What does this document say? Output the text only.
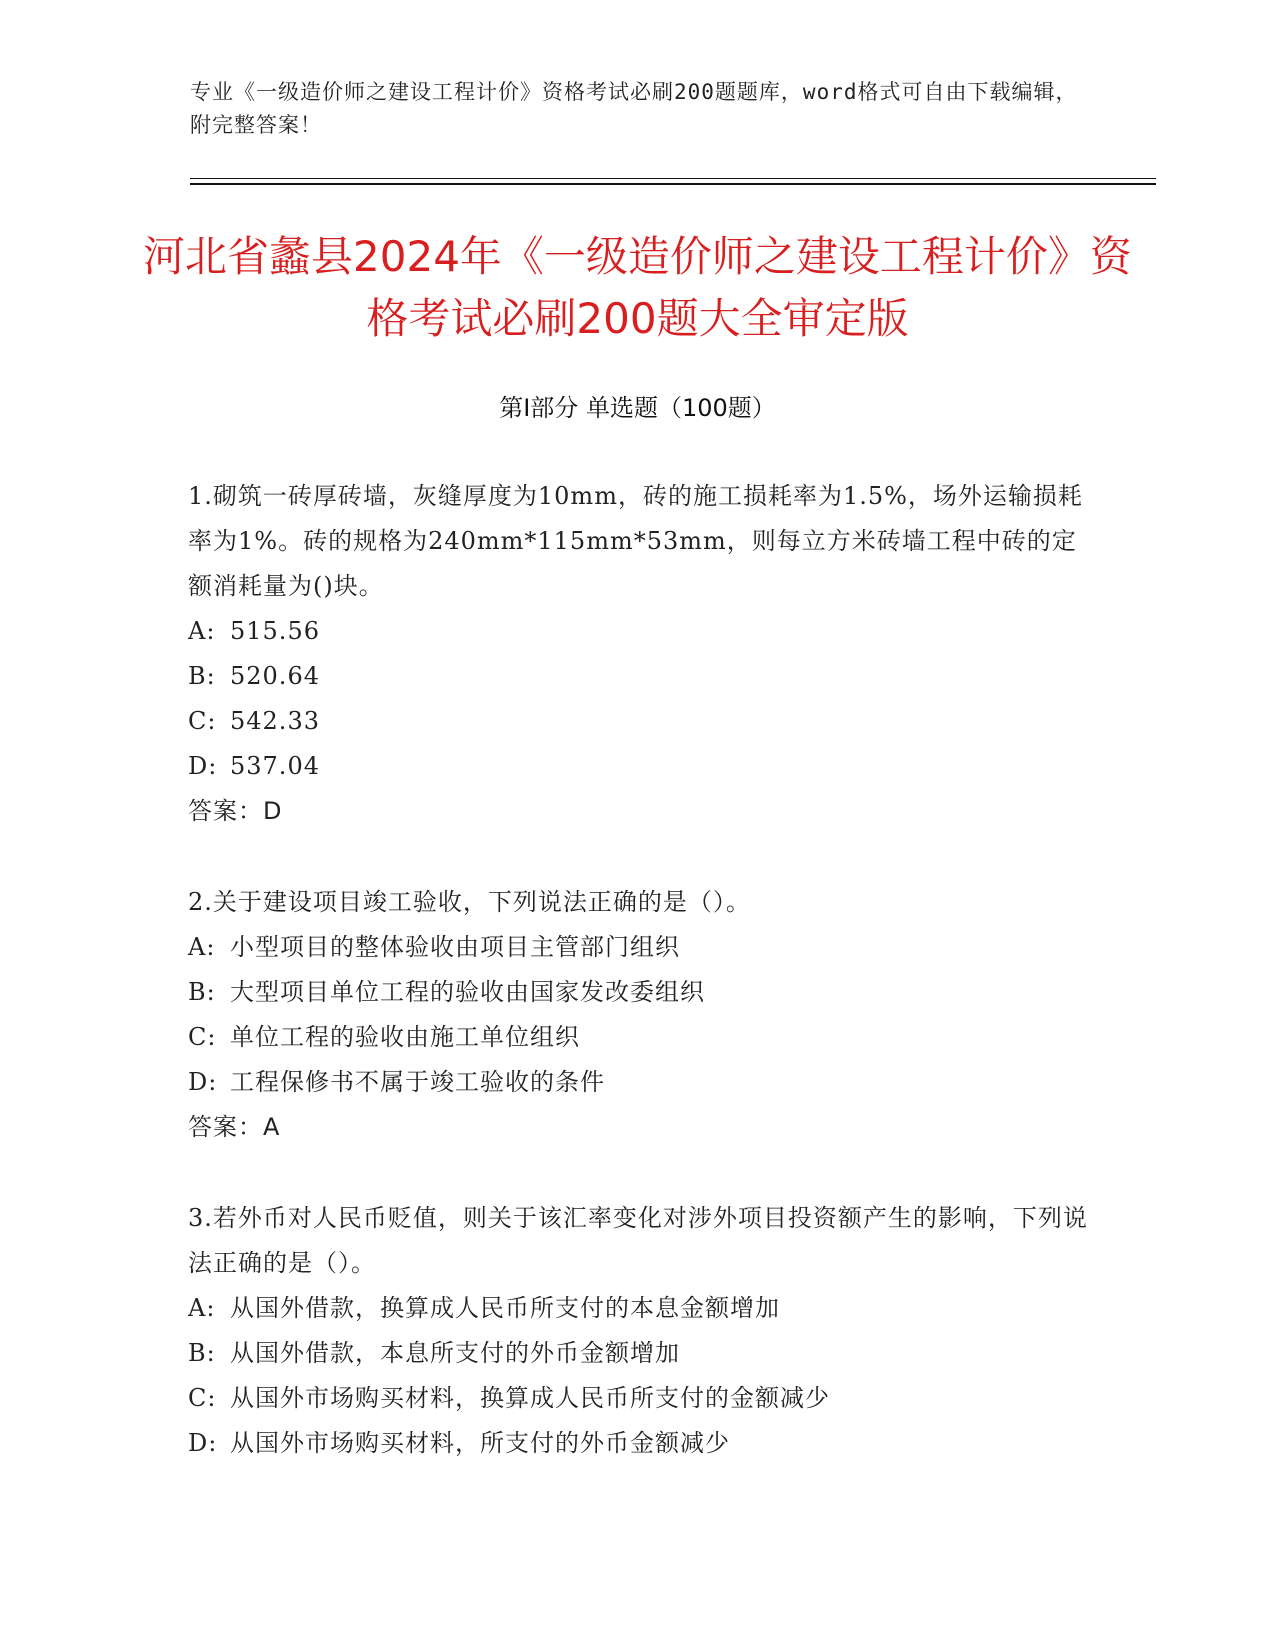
专业《一级造价师之建设工程计价》资格考试必刷200题题库，word格式可自由下载编辑，附完整答案！
河北省蠡县2024年《一级造价师之建设工程计价》资格考试必刷200题大全审定版
第I部分 单选题（100题）
1.砌筑一砖厚砖墙，灰缝厚度为10mm，砖的施工损耗率为1.5%，场外运输损耗率为1%。砖的规格为240mm*115mm*53mm，则每立方米砖墙工程中砖的定额消耗量为()块。
A: 515.56
B: 520.64
C: 542.33
D: 537.04
答案：D
2.关于建设项目竣工验收，下列说法正确的是（）。
A: 小型项目的整体验收由项目主管部门组织
B: 大型项目单位工程的验收由国家发改委组织
C: 单位工程的验收由施工单位组织
D: 工程保修书不属于竣工验收的条件
答案：A
3.若外币对人民币贬值，则关于该汇率变化对涉外项目投资额产生的影响，下列说法正确的是（）。
A: 从国外借款，换算成人民币所支付的本息金额增加
B: 从国外借款，本息所支付的外币金额增加
C: 从国外市场购买材料，换算成人民币所支付的金额减少
D: 从国外市场购买材料，所支付的外币金额减少
